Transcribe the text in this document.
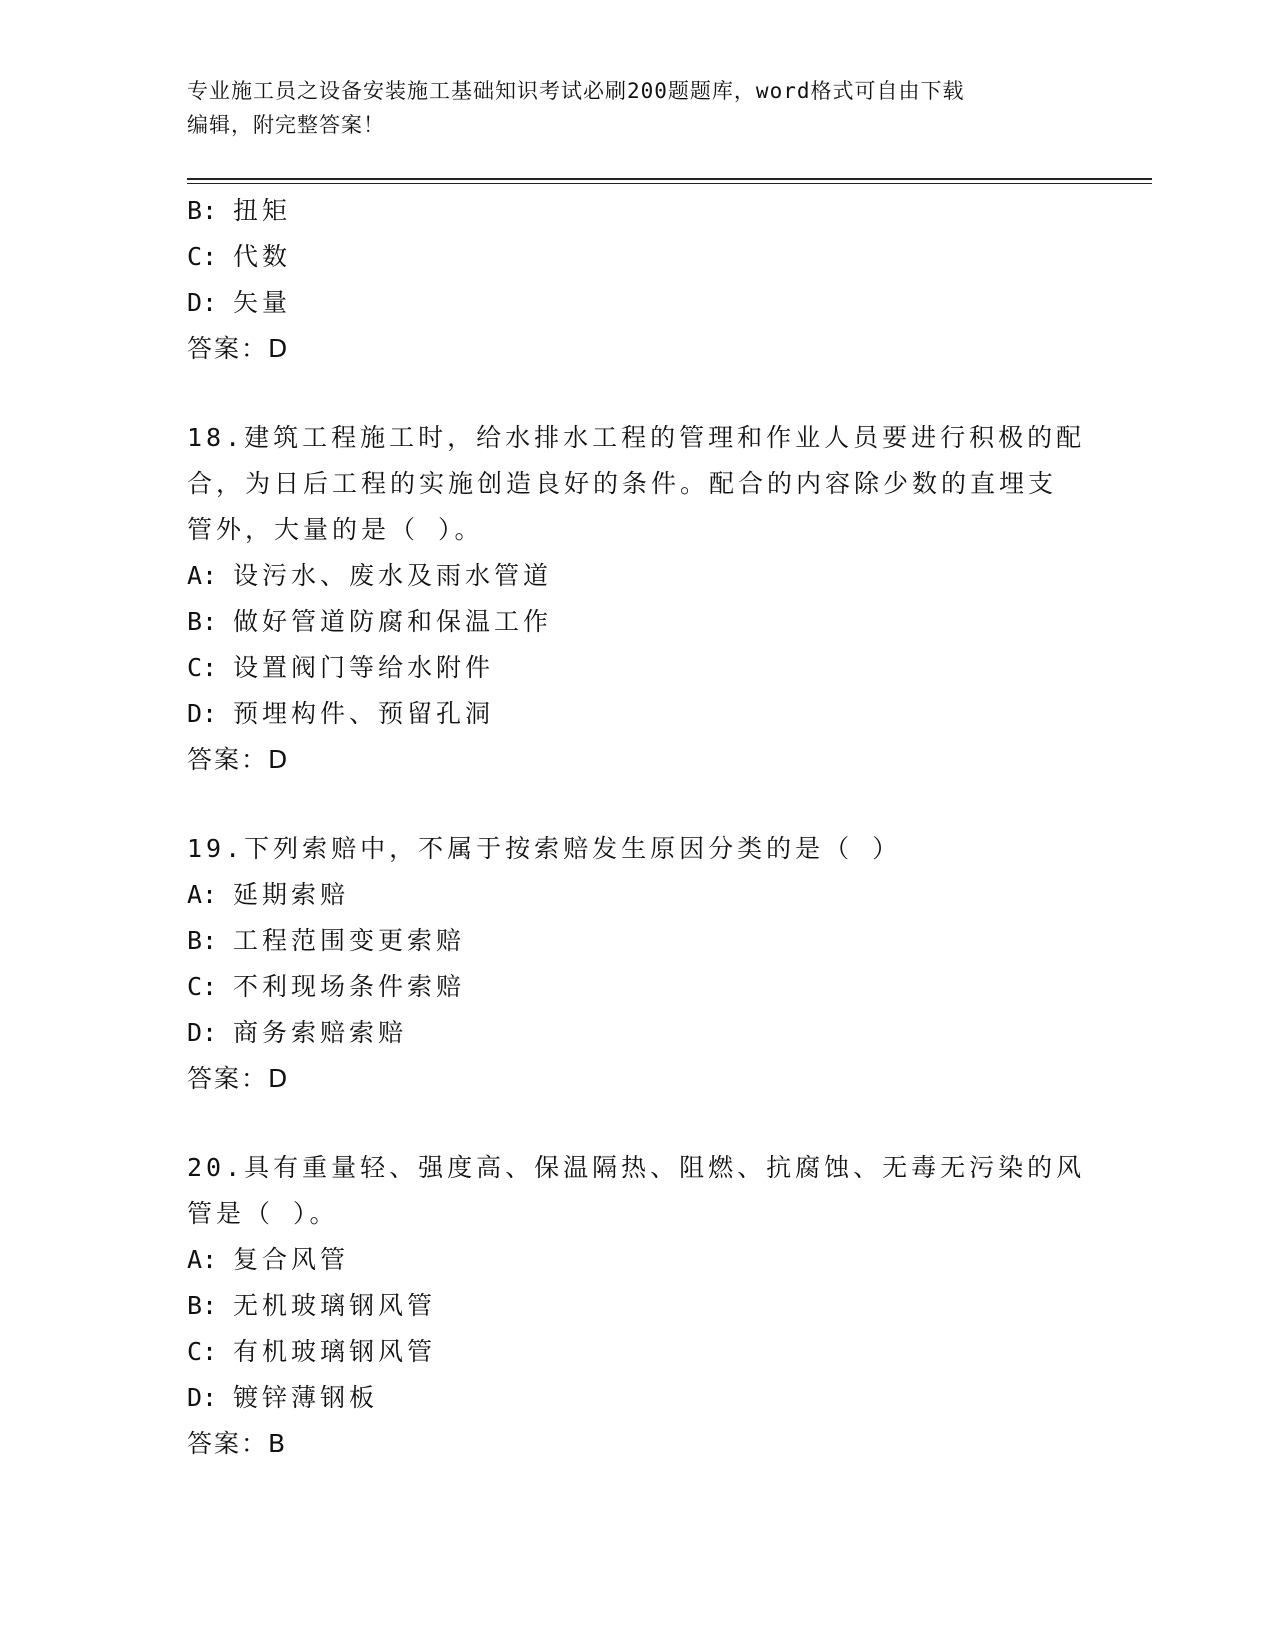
专业施工员之设备安装施工基础知识考试必刷200题题库，word格式可自由下载
编辑，附完整答案！
B: 扭矩
C: 代数
D: 矢量
答案：D
18.建筑工程施工时，给水排水工程的管理和作业人员要进行积极的配
合，为日后工程的实施创造良好的条件。配合的内容除少数的直埋支
管外，大量的是（ ）。
A: 设污水、废水及雨水管道
B: 做好管道防腐和保温工作
C: 设置阀门等给水附件
D: 预埋构件、预留孔洞
答案：D
19.下列索赔中，不属于按索赔发生原因分类的是（ ）
A: 延期索赔
B: 工程范围变更索赔
C: 不利现场条件索赔
D: 商务索赔索赔
答案：D
20.具有重量轻、强度高、保温隔热、阻燃、抗腐蚀、无毒无污染的风
管是（ ）。
A: 复合风管
B: 无机玻璃钢风管
C: 有机玻璃钢风管
D: 镀锌薄钢板
答案：B
